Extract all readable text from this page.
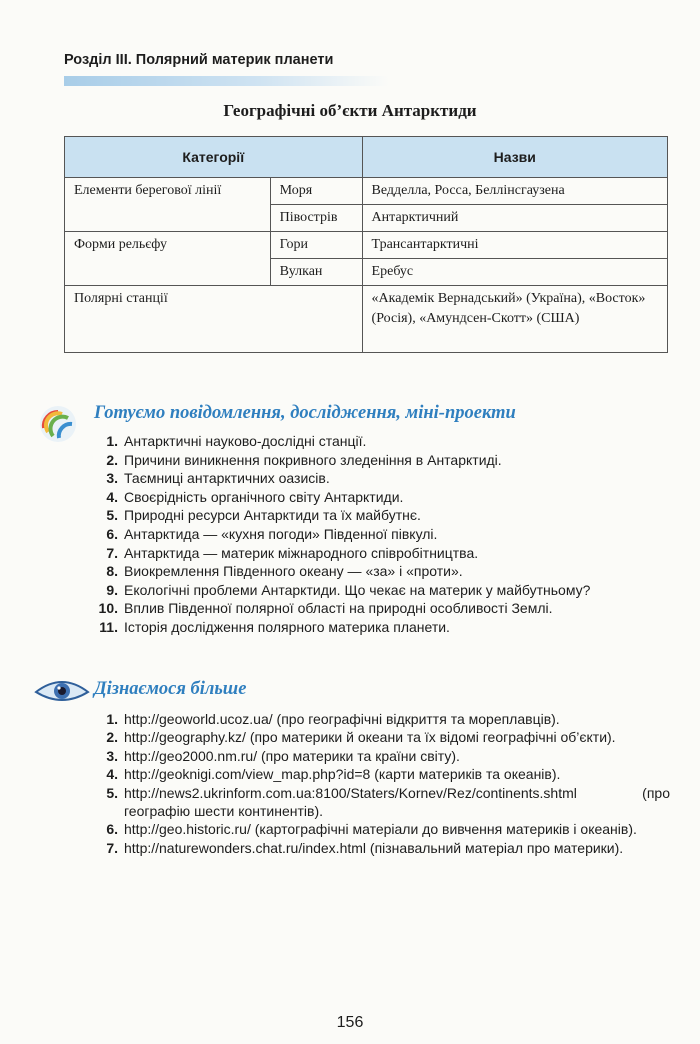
Розділ III. Полярний материк планети
Географічні об’єкти Антарктиди
Категорії		Назви
Елементи берегової лінії	Моря	Ведделла, Росса, Беллінсгаузена
	Півострів	Антарктичний
Форми рельєфу	Гори	Трансантарктичні
	Вулкан	Еребус
Полярні станції		«Академік Вернадський» (Україна), «Восток» (Росія), «Амундсен-Скотт» (США)
Готуємо повідомлення, дослідження, міні-проекти
1. Антарктичні науково-дослідні станції.
2. Причини виникнення покривного зледеніння в Антарктиді.
3. Таємниці антарктичних оазисів.
4. Своєрідність органічного світу Антарктиди.
5. Природні ресурси Антарктиди та їх майбутнє.
6. Антарктида — «кухня погоди» Південної півкулі.
7. Антарктида — материк міжнародного співробітництва.
8. Виокремлення Південного океану — «за» і «проти».
9. Екологічні проблеми Антарктиди. Що чекає на материк у майбутньому?
10. Вплив Південної полярної області на природні особливості Землі.
11. Історія дослідження полярного материка планети.
Дізнаємося більше
1. http://geoworld.ucoz.ua/ (про географічні відкриття та мореплавців).
2. http://geography.kz/ (про материки й океани та їх відомі географічні об’єкти).
3. http://geo2000.nm.ru/ (про материки та країни світу).
4. http://geoknigi.com/view_map.php?id=8 (карти материків та океанів).
5. http://news2.ukrinform.com.ua:8100/Staters/Kornev/Rez/continents.shtml (про географію шести континентів).
6. http://geo.historic.ru/ (картографічні матеріали до вивчення материків і океанів).
7. http://naturewonders.chat.ru/index.html (пізнавальний матеріал про материки).
156
